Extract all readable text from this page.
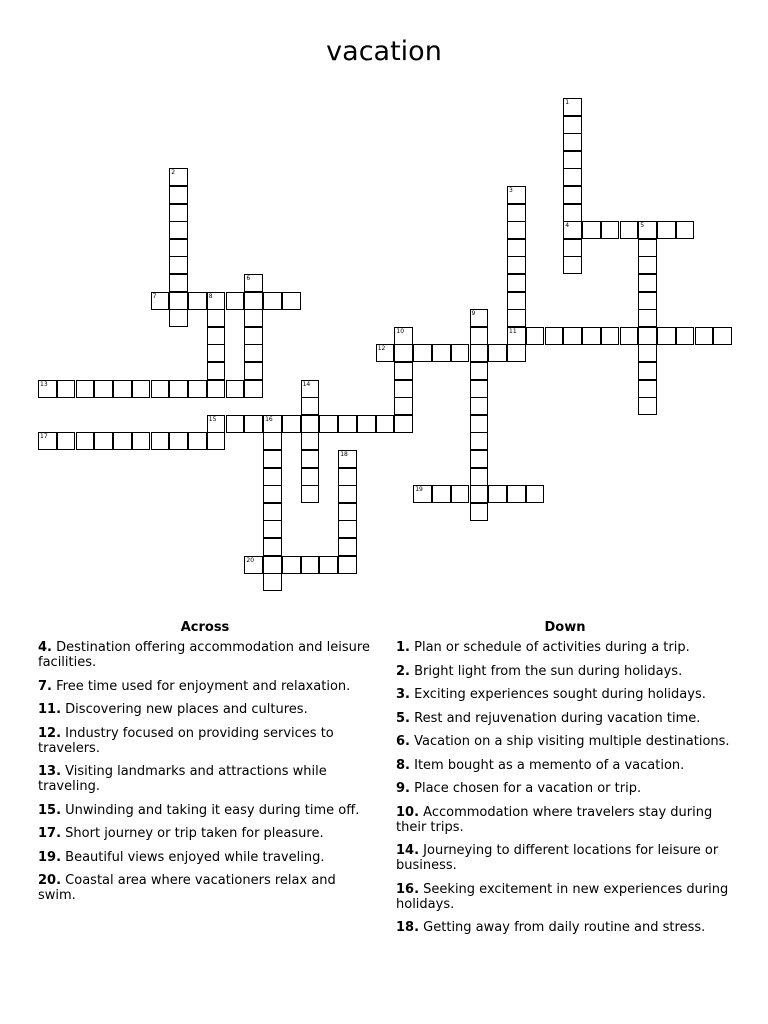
vacation
1
4
2
3
11
5
6
7	8
9
10
12
13	14
15	16
17
18
19
20
Across
4. Destination offering accommodation and leisure facilities.
7. Free time used for enjoyment and relaxation.
11. Discovering new places and cultures.
12. Industry focused on providing services to travelers.
13. Visiting landmarks and attractions while traveling.
15. Unwinding and taking it easy during time off.
17. Short journey or trip taken for pleasure.
19. Beautiful views enjoyed while traveling.
20. Coastal area where vacationers relax and swim.
Down
1. Plan or schedule of activities during a trip.
2. Bright light from the sun during holidays.
3. Exciting experiences sought during holidays.
5. Rest and rejuvenation during vacation time.
6. Vacation on a ship visiting multiple destinations.
8. Item bought as a memento of a vacation.
9. Place chosen for a vacation or trip.
10. Accommodation where travelers stay during their trips.
14. Journeying to different locations for leisure or business.
16. Seeking excitement in new experiences during holidays.
18. Getting away from daily routine and stress.
